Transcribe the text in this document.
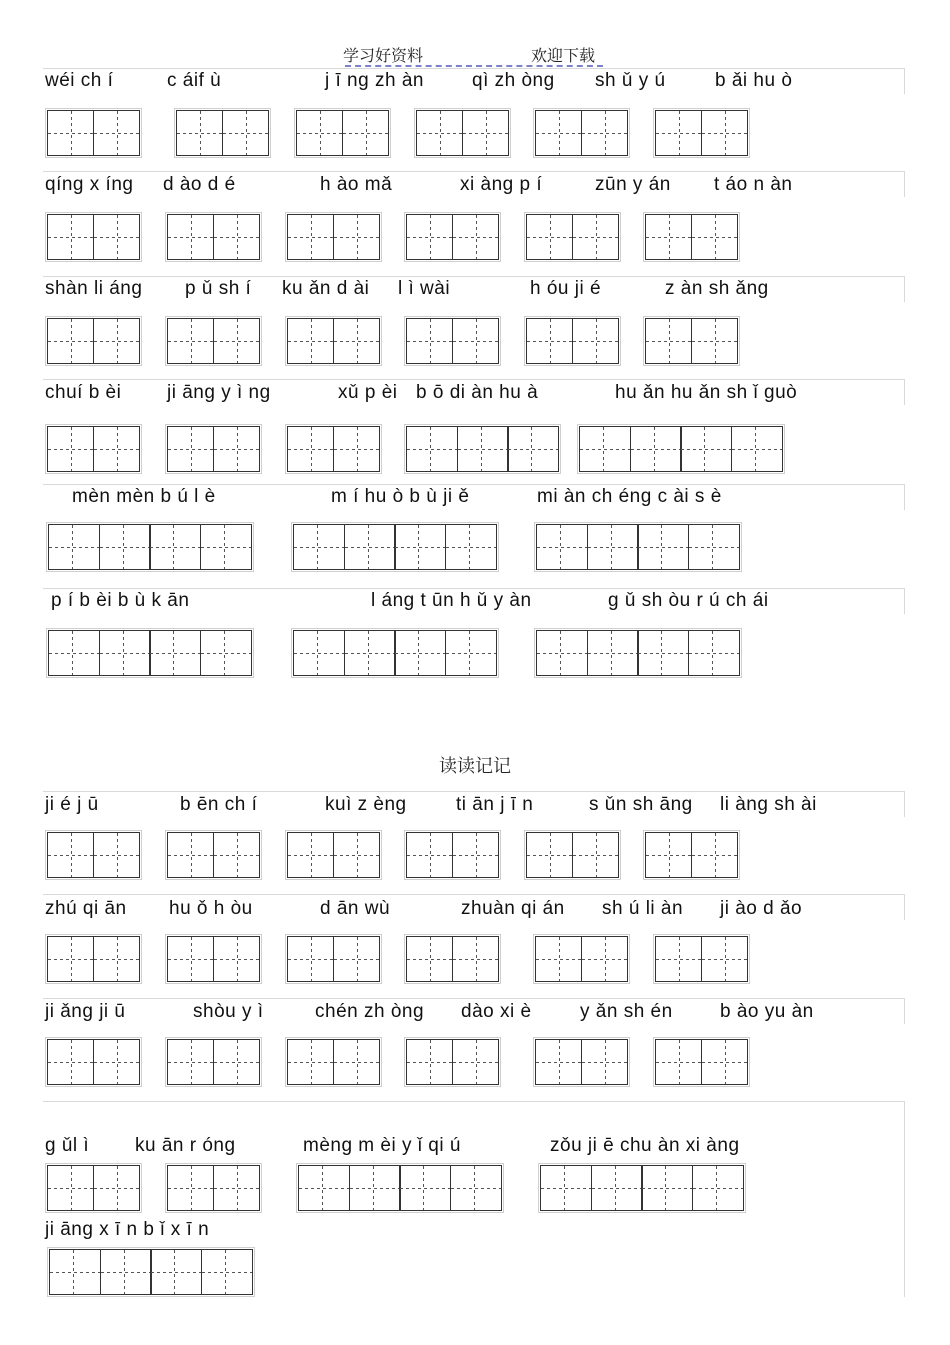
学习好资料	欢迎下载
读读记记
wéi ch í	c áif ù	j ī ng zh àn	qì zh òng sh ǔ y ú	b ǎi hu ò
qíng x íng d ào d é	h ào mǎ	xi àng p í	zūn y án t áo n àn
shàn li áng p ǔ sh í ku ǎn d ài l ì wài	h óu ji é	z àn sh ǎng
chuí b èi ji āng y ì ng	xǔ p èi b ō di àn hu à	hu ǎn hu ǎn sh ǐ guò
mèn mèn b ú l è	m í hu ò b ù ji ě	mi àn ch éng c ài s è
p í b èi b ù k ān	l áng t ūn h ǔ y àn	g ǔ sh òu r ú ch ái
ji é j ū	b ēn ch í	kuì z èng	ti ān j ī n	s ǔn sh āng li àng sh ài
zhú qi ān hu ǒ h òu	d ān wù	zhuàn qi án sh ú li àn ji ào d ǎo
ji ǎng ji ū	shòu y ì	chén zh òng dào xi è	y ǎn sh én b ào yu àn
g ǔl ì ku ān r óng	mèng m èi y ǐ qi ú	zǒu ji ē chu àn xi àng
ji āng x ī n b ǐ x ī n
